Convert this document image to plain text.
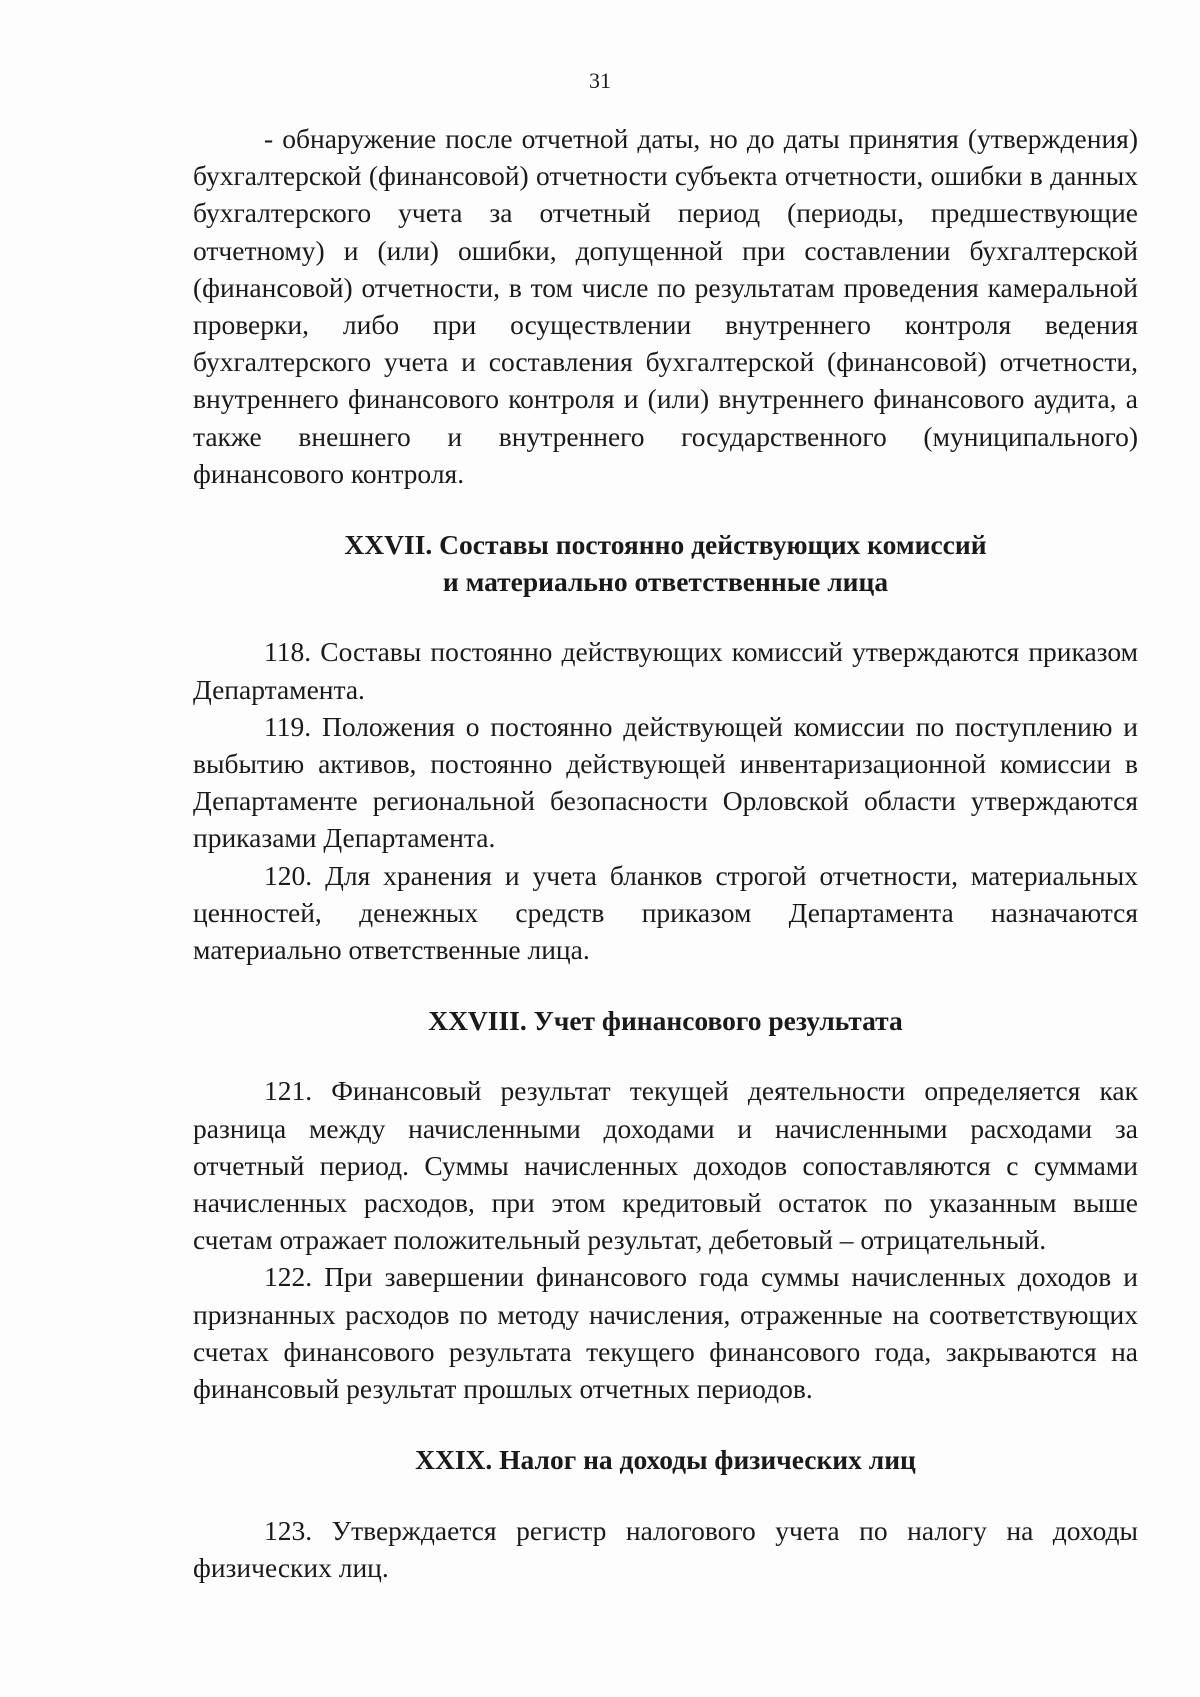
31

- обнаружение после отчетной даты, но до даты принятия (утверждения) бухгалтерской (финансовой) отчетности субъекта отчетности, ошибки в данных бухгалтерского учета за отчетный период (периоды, предшествующие отчетному) и (или) ошибки, допущенной при составлении бухгалтерской (финансовой) отчетности, в том числе по результатам проведения камеральной проверки, либо при осуществлении внутреннего контроля ведения бухгалтерского учета и составления бухгалтерской (финансовой) отчетности, внутреннего финансового контроля и (или) внутреннего финансового аудита, а также внешнего и внутреннего государственного (муниципального) финансового контроля.

XXVII. Составы постоянно действующих комиссий
и материально ответственные лица

118. Составы постоянно действующих комиссий утверждаются приказом Департамента.

119. Положения о постоянно действующей комиссии по поступлению и выбытию активов, постоянно действующей инвентаризационной комиссии в Департаменте региональной безопасности Орловской области утверждаются приказами Департамента.

120. Для хранения и учета бланков строгой отчетности, материальных ценностей, денежных средств приказом Департамента назначаются материально ответственные лица.

XXVIII. Учет финансового результата

121. Финансовый результат текущей деятельности определяется как разница между начисленными доходами и начисленными расходами за отчетный период. Суммы начисленных доходов сопоставляются с суммами начисленных расходов, при этом кредитовый остаток по указанным выше счетам отражает положительный результат, дебетовый – отрицательный.

122. При завершении финансового года суммы начисленных доходов и признанных расходов по методу начисления, отраженные на соответствующих счетах финансового результата текущего финансового года, закрываются на финансовый результат прошлых отчетных периодов.

XXIX. Налог на доходы физических лиц

123. Утверждается регистр налогового учета по налогу на доходы физических лиц.
